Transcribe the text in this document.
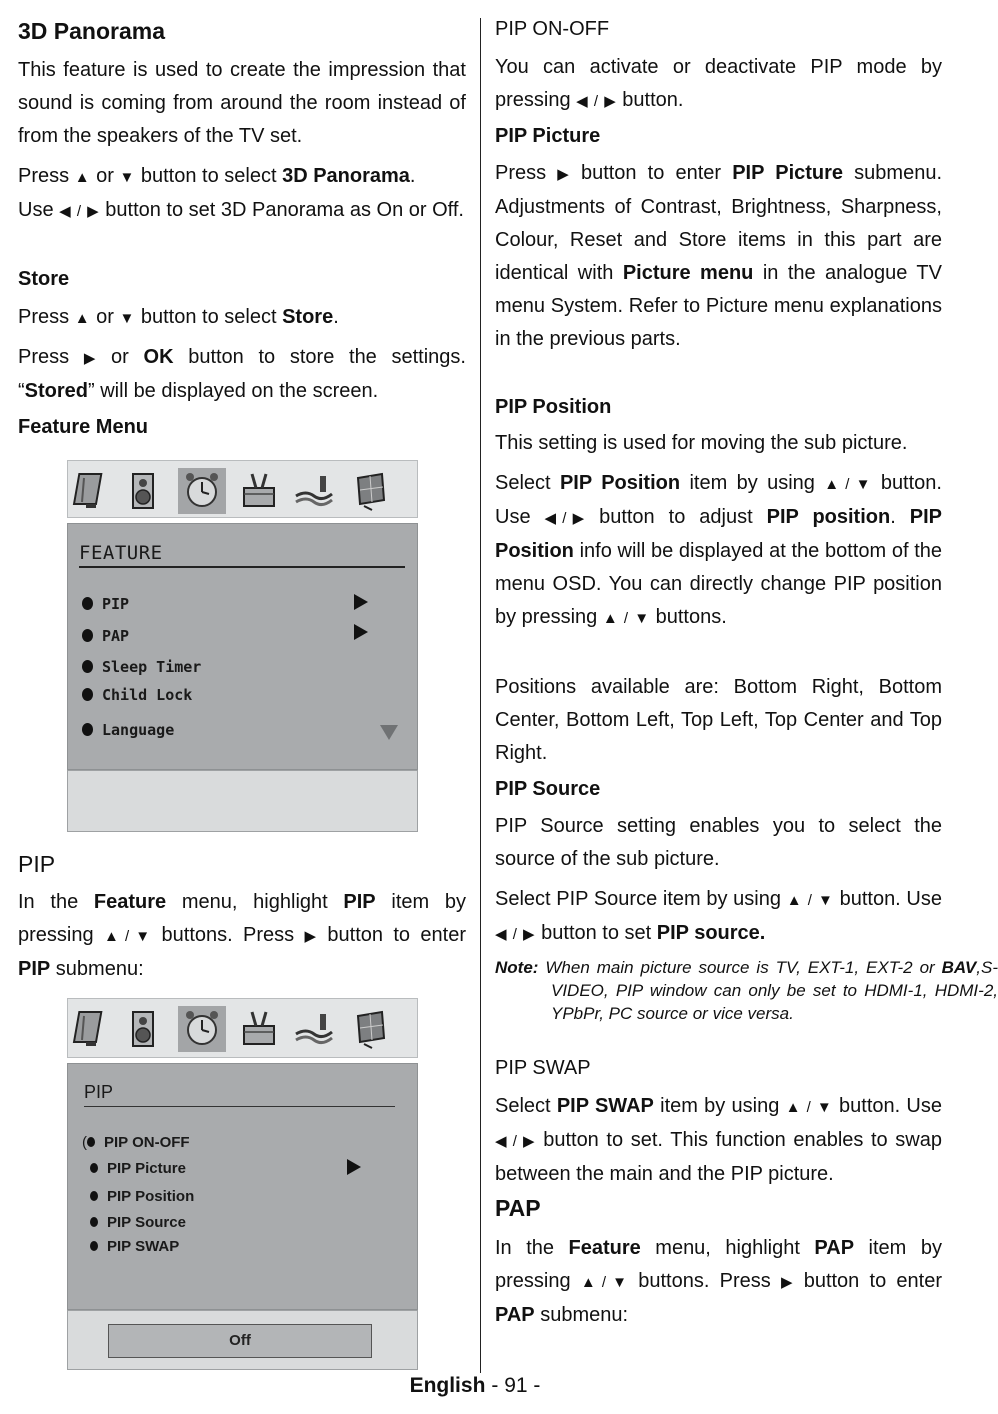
3D Panorama

This feature is used to create the impression that sound is coming from around the room instead of from the speakers of the TV set.

Press ▲ or ▼ button to select 3D Panorama.
Use ◀ / ▶ button to set 3D Panorama as On or Off.

Store

Press ▲ or ▼ button to select Store.

Press ▶ or OK button to store the settings. “Stored” will be displayed on the screen.

Feature Menu
PIP

In the Feature menu, highlight PIP item by pressing ▲ / ▼ buttons. Press ▶ button to enter PIP submenu:

FEATURE
PIP
PAP
Sleep Timer
Child Lock
Language
PIP
( PIP ON-OFF
PIP Picture
PIP Position
PIP Source
PIP SWAP
Off
PIP ON-OFF

You can activate or deactivate PIP mode by pressing ◀ / ▶ button.

PIP Picture

Press ▶ button to enter PIP Picture submenu. Adjustments of Contrast, Brightness, Sharpness, Colour, Reset and Store items in this part are identical with Picture menu in the analogue TV menu System. Refer to Picture menu explanations in the previous parts.

PIP Position

This setting is used for moving the sub picture.

Select PIP Position item by using ▲ / ▼ button. Use ◀ / ▶ button to adjust PIP position. PIP Position info will be displayed at the bottom of the menu OSD. You can directly change PIP position by pressing ▲ / ▼ buttons.

Positions available are: Bottom Right, Bottom Center, Bottom Left, Top Left, Top Center and Top Right.

PIP Source

PIP Source setting enables you to select the source of the sub picture.

Select PIP Source item by using ▲ / ▼ button. Use ◀ / ▶ button to set PIP source.

Note: When main picture source is TV, EXT-1, EXT-2 or BAV,S-VIDEO, PIP window can only be set to HDMI-1, HDMI-2, YPbPr, PC source or vice versa.

PIP SWAP

Select PIP SWAP item by using ▲ / ▼ button. Use ◀ / ▶ button to set. This function enables to swap between the main and the PIP picture.

PAP

In the Feature menu, highlight PAP item by pressing ▲ / ▼ buttons. Press ▶ button to enter PAP submenu:

English - 91 -
